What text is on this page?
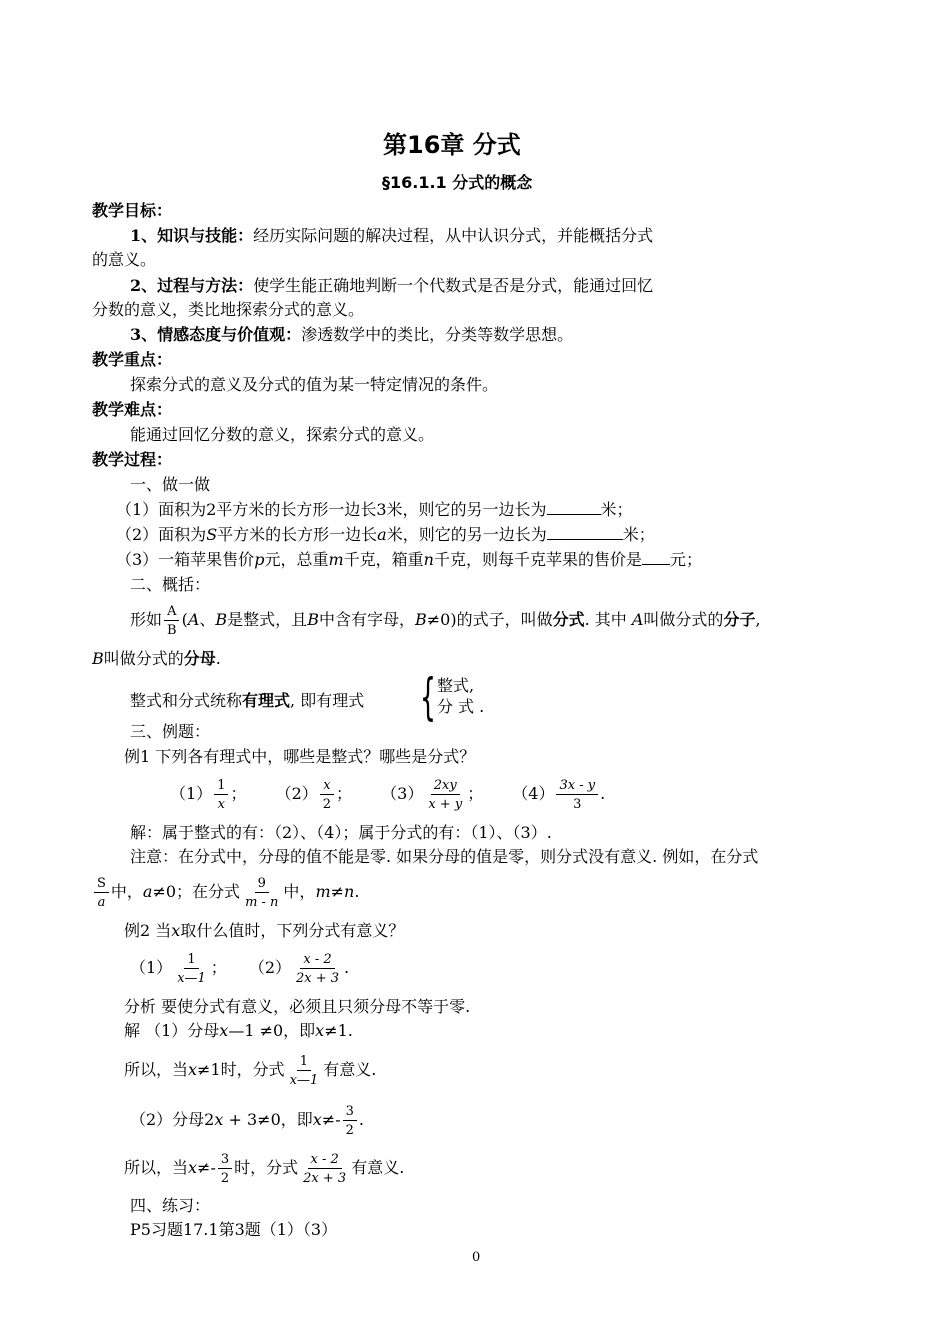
第16章 分式
§16.1.1 分式的概念
教学目标：
1、知识与技能：经历实际问题的解决过程，从中认识分式，并能概括分式
的意义。
2、过程与方法：使学生能正确地判断一个代数式是否是分式，能通过回忆
分数的意义，类比地探索分式的意义。
3、情感态度与价值观：渗透数学中的类比，分类等数学思想。
教学重点：
探索分式的意义及分式的值为某一特定情况的条件。
教学难点：
能通过回忆分数的意义，探索分式的意义。
教学过程：
一、做一做
（1）面积为2平方米的长方形一边长3米，则它的另一边长为	米；
（2）面积为S平方米的长方形一边长a米，则它的另一边长为	米；
（3）一箱苹果售价p元，总重m千克，箱重n千克，则每千克苹果的售价是 元；
二、概括：
形如 $\frac{A}{B} (A$、B是整式，且B中含有字母，B≠0)的式子，叫做分式. 其中 A叫做分式的分子,
B叫做分式的分母.
整式和分式统称有理式, 即有理式 { 整式,
分 式 .
三、例题：
例1 下列各有理式中，哪些是整式？哪些是分式？
$(1) \frac{1}{x}$ ； $(2) \frac{x}{2}$ ； $(3) \frac{2xy}{x + y}$ ； $(4) \frac{3x - y}{3}$ .
解：属于整式的有：（2）、（4）；属于分式的有：（1）、（3）.
注意：在分式中，分母的值不能是零. 如果分母的值是零，则分式没有意义. 例如，在分式
$\frac{S}{a}$ 中，a≠0；在分式 $\frac{9}{m - n}$ 中，m≠n.
例2 当x取什么值时，下列分式有意义？
$(1) \frac{1}{x—1}$ ； $(2) \frac{x - 2}{2x + 3}$ .
分析 要使分式有意义，必须且只须分母不等于零.
解 （1）分母x—1 ≠0，即x≠1.
所以，当x≠1时，分式 $\frac{1}{x—1}$ 有意义.
（2）分母2x + 3≠0，即$x\ne- \frac{3}{2}$ .
所以，当$x\ne- \frac{3}{2}$ 时，分式 $\frac{x - 2}{2x + 3}$ 有意义.
四、练习：
P5习题17.1第3题（1）（3）
0
